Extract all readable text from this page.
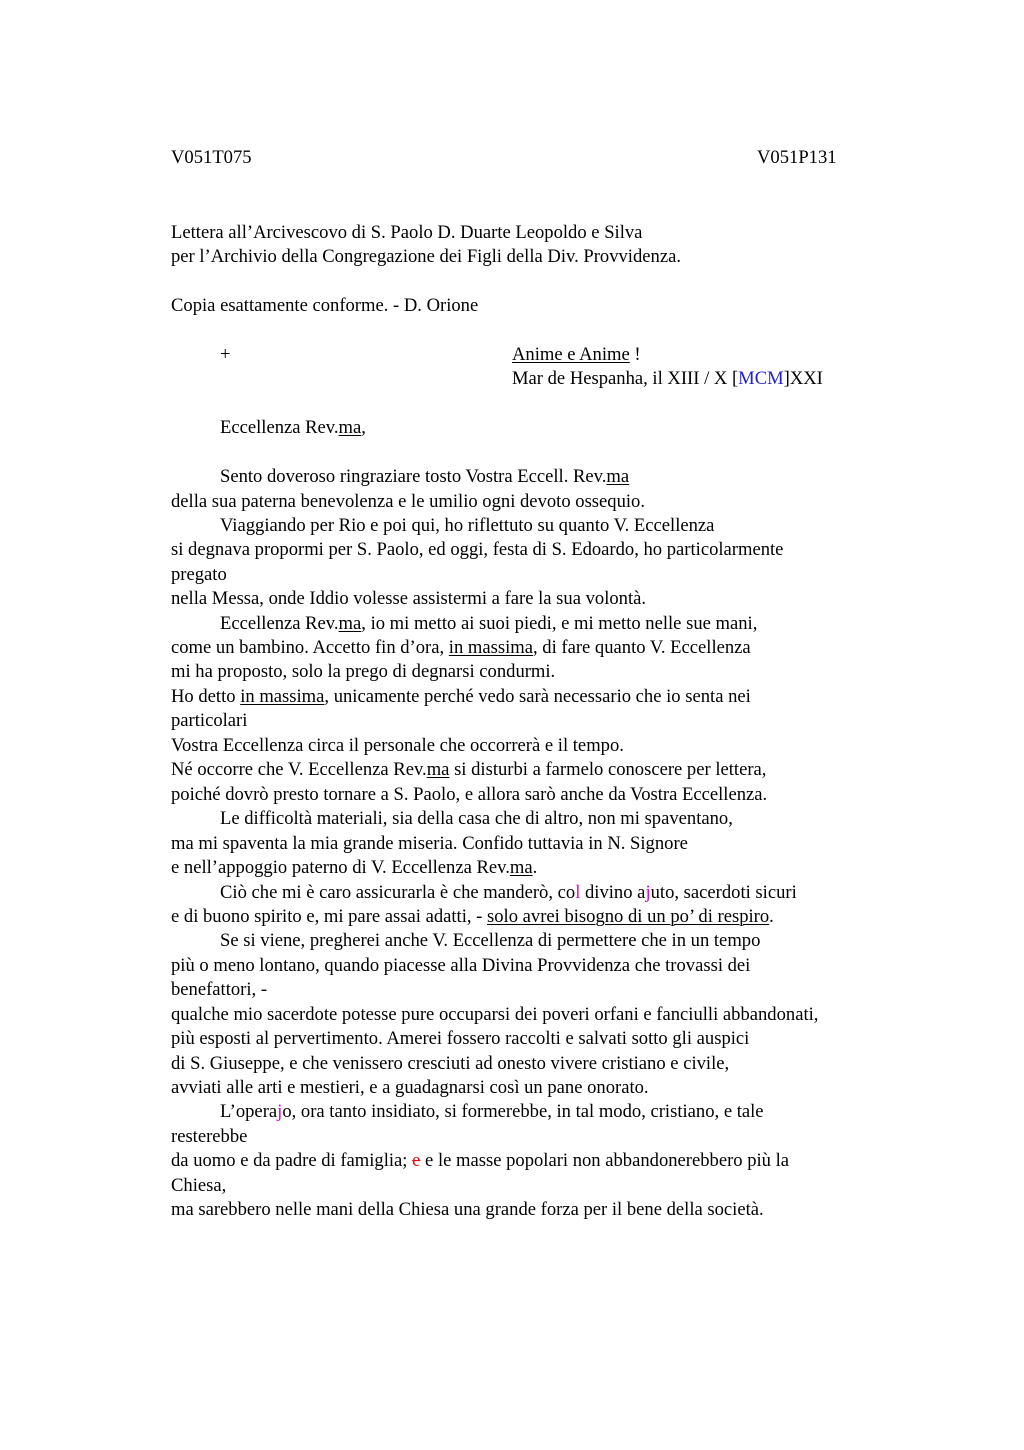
V051T075	V051P131
Lettera all’Arcivescovo di S. Paolo D. Duarte Leopoldo e Silva
per l’Archivio della Congregazione dei Figli della Div. Provvidenza.
Copia esattamente conforme. - D. Orione
+	Anime e Anime !
Mar de Hespanha, il XIII / X [MCM]XXI
Eccellenza Rev.ma,
Sento doveroso ringraziare tosto Vostra Eccell. Rev.ma
della sua paterna benevolenza e le umilio ogni devoto ossequio.
Viaggiando per Rio e poi qui, ho riflettuto su quanto V. Eccellenza
si degnava propormi per S. Paolo, ed oggi, festa di S. Edoardo, ho particolarmente
pregato
nella Messa, onde Iddio volesse assistermi a fare la sua volontà.
Eccellenza Rev.ma, io mi metto ai suoi piedi, e mi metto nelle sue mani,
come un bambino. Accetto fin d’ora, in massima, di fare quanto V. Eccellenza
mi ha proposto, solo la prego di degnarsi condurmi.
Ho detto in massima, unicamente perché vedo sarà necessario che io senta nei
particolari
Vostra Eccellenza circa il personale che occorrerà e il tempo.
Né occorre che V. Eccellenza Rev.ma si disturbi a farmelo conoscere per lettera,
poiché dovrò presto tornare a S. Paolo, e allora sarò anche da Vostra Eccellenza.
Le difficoltà materiali, sia della casa che di altro, non mi spaventano,
ma mi spaventa la mia grande miseria. Confido tuttavia in N. Signore
e nell’appoggio paterno di V. Eccellenza Rev.ma.
Ciò che mi è caro assicurarla è che manderò, col divino ajuto, sacerdoti sicuri
e di buono spirito e, mi pare assai adatti, - solo avrei bisogno di un po’ di respiro.
Se si viene, pregherei anche V. Eccellenza di permettere che in un tempo
più o meno lontano, quando piacesse alla Divina Provvidenza che trovassi dei
benefattori, -
qualche mio sacerdote potesse pure occuparsi dei poveri orfani e fanciulli abbandonati,
più esposti al pervertimento. Amerei fossero raccolti e salvati sotto gli auspici
di S. Giuseppe, e che venissero cresciuti ad onesto vivere cristiano e civile,
avviati alle arti e mestieri, e a guadagnarsi così un pane onorato.
L’operajo, ora tanto insidiato, si formerebbe, in tal modo, cristiano, e tale
resterebbe
da uomo e da padre di famiglia; e e le masse popolari non abbandonerebbero più la
Chiesa,
ma sarebbero nelle mani della Chiesa una grande forza per il bene della società.
